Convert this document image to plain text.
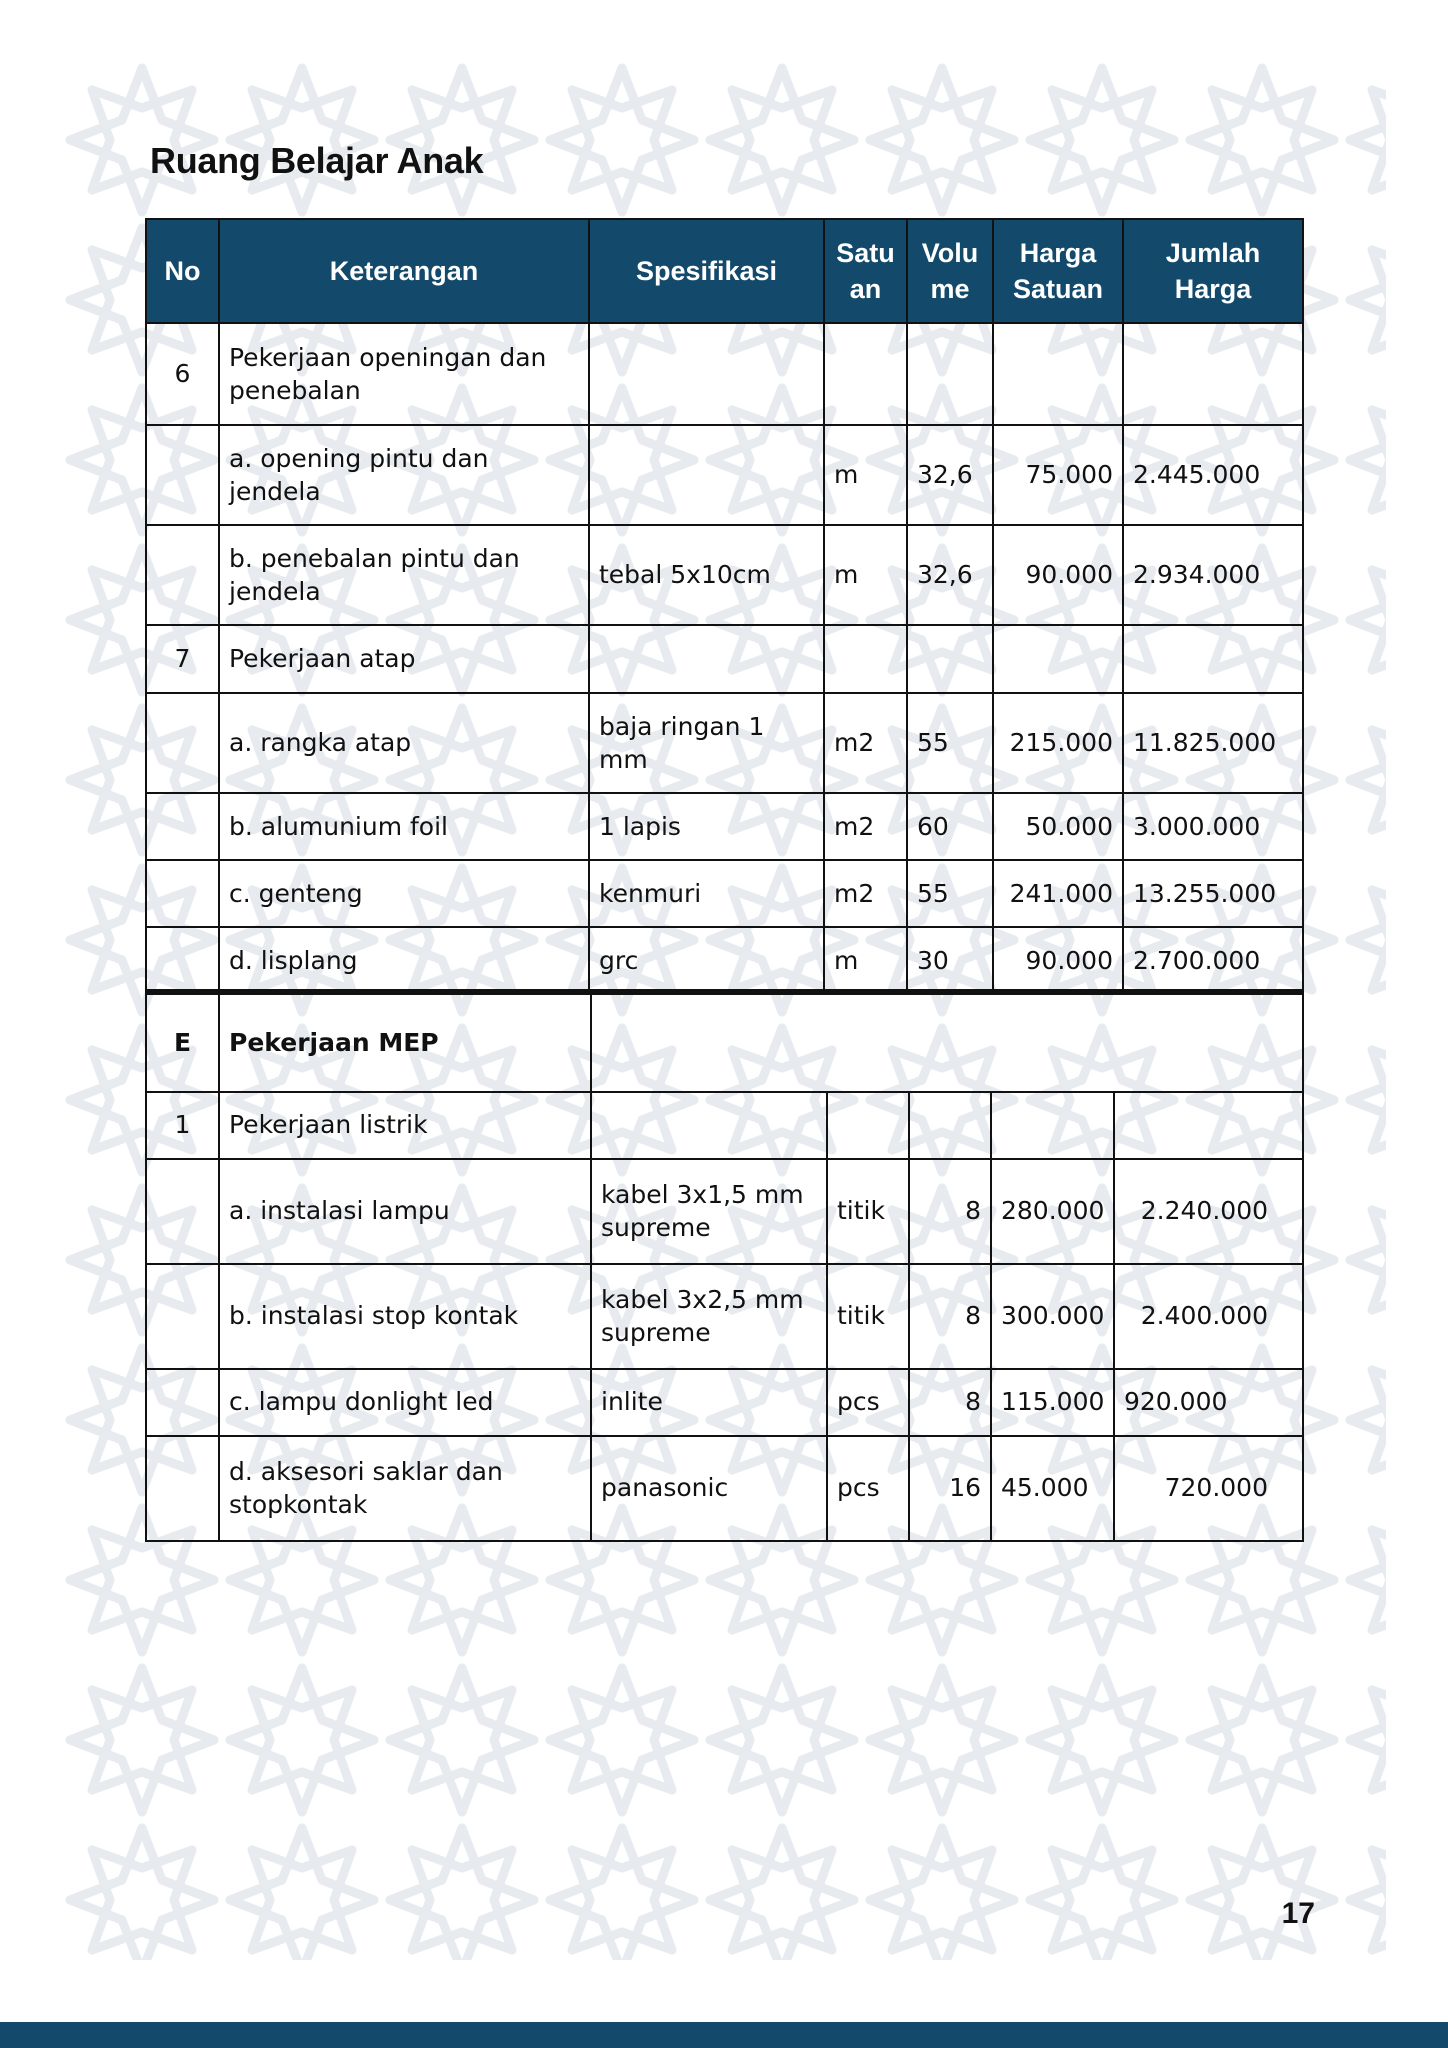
Ruang Belajar Anak
No	Keterangan	Spesifikasi	Satu an	Volu me	Harga Satuan	Jumlah Harga
6	Pekerjaan openingan dan penebalan					
	a. opening pintu dan jendela		m	32,6	75.000	2.445.000
	b. penebalan pintu dan jendela	tebal 5x10cm	m	32,6	90.000	2.934.000
7	Pekerjaan atap					
	a. rangka atap	baja ringan 1 mm	m2	55	215.000	11.825.000
	b. alumunium foil	1 lapis	m2	60	50.000	3.000.000
	c. genteng	kenmuri	m2	55	241.000	13.255.000
	d. lisplang	grc	m	30	90.000	2.700.000
E	Pekerjaan MEP					
1	Pekerjaan listrik					
	a. instalasi lampu	kabel 3x1,5 mm supreme	titik	8	280.000	2.240.000
	b. instalasi stop kontak	kabel 3x2,5 mm supreme	titik	8	300.000	2.400.000
	c. lampu donlight led	inlite	pcs	8	115.000	920.000
	d. aksesori saklar dan stopkontak	panasonic	pcs	16	45.000	720.000
17
